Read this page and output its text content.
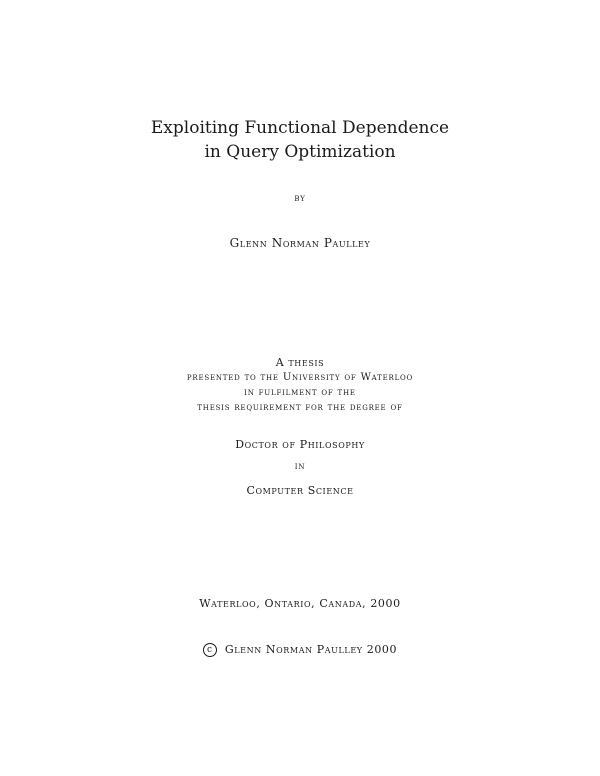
Exploiting Functional Dependence
in Query Optimization
by
Glenn Norman Paulley
A thesis
presented to the University of Waterloo
in fulfilment of the
thesis requirement for the degree of
Doctor of Philosophy
in
Computer Science
Waterloo, Ontario, Canada, 2000
c Glenn Norman Paulley 2000
